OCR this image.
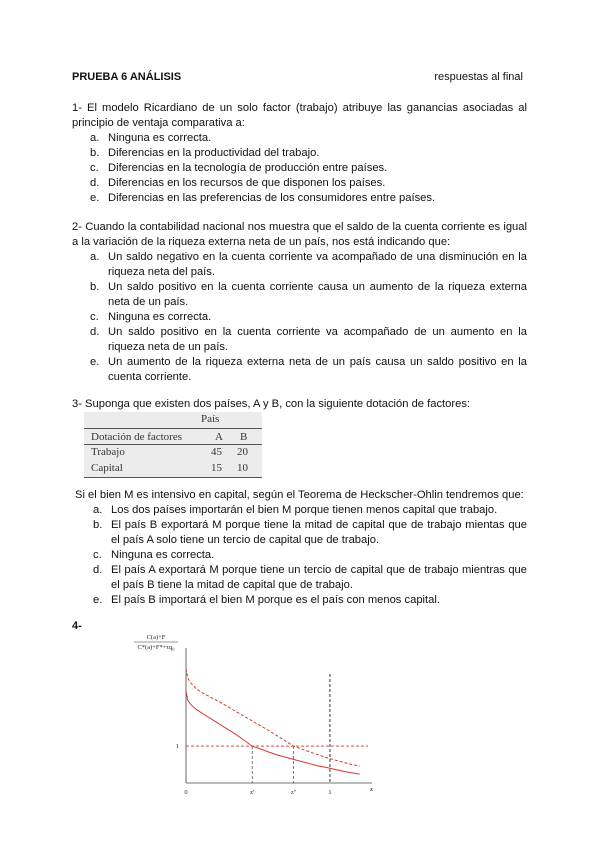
PRUEBA 6 ANÁLISIS	respuestas al final
1- El modelo Ricardiano de un solo factor (trabajo) atribuye las ganancias asociadas al principio de ventaja comparativa a:
a. Ninguna es correcta.
b. Diferencias en la productividad del trabajo.
c. Diferencias en la tecnología de producción entre países.
d. Diferencias en los recursos de que disponen los países.
e. Diferencias en las preferencias de los consumidores entre países.
2- Cuando la contabilidad nacional nos muestra que el saldo de la cuenta corriente es igual a la variación de la riqueza externa neta de un país, nos está indicando que:
a. Un saldo negativo en la cuenta corriente va acompañado de una disminución en la riqueza neta del país.
b. Un saldo positivo en la cuenta corriente causa un aumento de la riqueza externa neta de un país.
c. Ninguna es correcta.
d. Un saldo positivo en la cuenta corriente va acompañado de un aumento en la riqueza neta de un país.
e. Un aumento de la riqueza externa neta de un país causa un saldo positivo en la cuenta corriente.
3- Suponga que existen dos países, A y B, con la siguiente dotación de factores:
País
Dotación de factores	A B
Trabajo	45 20
Capital	15 10
Si el bien M es intensivo en capital, según el Teorema de Heckscher-Ohlin tendremos que:
a. Los dos países importarán el bien M porque tienen menos capital que trabajo.
b. El país B exportará M porque tiene la mitad de capital que de trabajo mientas que el país A solo tiene un tercio de capital que de trabajo.
c. Ninguna es correcta.
d. El país A exportará M porque tiene un tercio de capital que de trabajo mientras que el país B tiene la mitad de capital que de trabajo.
e. El país B importará el bien M porque es el país con menos capital.
4-
C(a)+F
C*(a)+F*+τq₀
0	z'	z''	1	z
1
